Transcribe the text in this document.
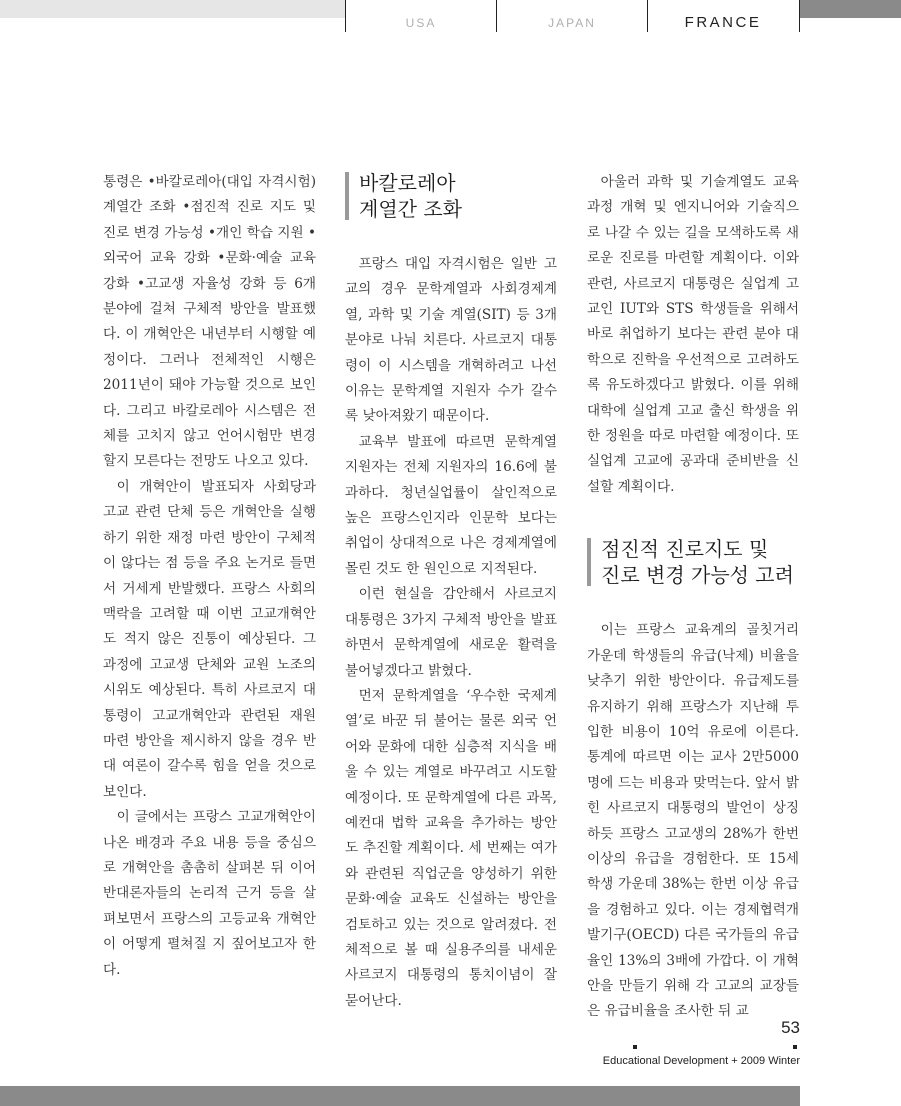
USA	JAPAN	FRANCE

통령은 •바칼로레아(대입 자격시험) 계열간 조화 •점진적 진로 지도 및 진로 변경 가능성 •개인 학습 지원 •외국어 교육 강화 •문화·예술 교육 강화 •고교생 자율성 강화 등 6개 분야에 걸쳐 구체적 방안을 발표했다. 이 개혁안은 내년부터 시행할 예정이다. 그러나 전체적인 시행은 2011년이 돼야 가능할 것으로 보인다. 그리고 바칼로레아 시스템은 전체를 고치지 않고 언어시험만 변경할지 모른다는 전망도 나오고 있다.

이 개혁안이 발표되자 사회당과 고교 관련 단체 등은 개혁안을 실행하기 위한 재정 마련 방안이 구체적이 않다는 점 등을 주요 논거로 들면서 거세게 반발했다. 프랑스 사회의 맥락을 고려할 때 이번 고교개혁안도 적지 않은 진통이 예상된다. 그 과정에 고교생 단체와 교원 노조의 시위도 예상된다. 특히 사르코지 대통령이 고교개혁안과 관련된 재원 마련 방안을 제시하지 않을 경우 반대 여론이 갈수록 힘을 얻을 것으로 보인다.

이 글에서는 프랑스 고교개혁안이 나온 배경과 주요 내용 등을 중심으로 개혁안을 촘촘히 살펴본 뒤 이어 반대론자들의 논리적 근거 등을 살펴보면서 프랑스의 고등교육 개혁안이 어떻게 펼쳐질 지 짚어보고자 한다.

바칼로레아
계열간 조화

프랑스 대입 자격시험은 일반 고교의 경우 문학계열과 사회경제계열, 과학 및 기술 계열(SIT) 등 3개 분야로 나눠 치른다. 사르코지 대통령이 이 시스템을 개혁하려고 나선 이유는 문학계열 지원자 수가 갈수록 낮아져왔기 때문이다.

교육부 발표에 따르면 문학계열 지원자는 전체 지원자의 16.6에 불과하다. 청년실업률이 살인적으로 높은 프랑스인지라 인문학 보다는 취업이 상대적으로 나은 경제계열에 몰린 것도 한 원인으로 지적된다.

이런 현실을 감안해서 사르코지 대통령은 3가지 구체적 방안을 발표하면서 문학계열에 새로운 활력을 불어넣겠다고 밝혔다.

먼저 문학계열을 ‘우수한 국제계열’로 바꾼 뒤 불어는 물론 외국 언어와 문화에 대한 심층적 지식을 배울 수 있는 계열로 바꾸려고 시도할 예정이다. 또 문학계열에 다른 과목, 예컨대 법학 교육을 추가하는 방안도 추진할 계획이다. 세 번째는 여가와 관련된 직업군을 양성하기 위한 문화·예술 교육도 신설하는 방안을 검토하고 있는 것으로 알려졌다. 전체적으로 볼 때 실용주의를 내세운 사르코지 대통령의 통치이념이 잘 묻어난다.

아울러 과학 및 기술계열도 교육과정 개혁 및 엔지니어와 기술직으로 나갈 수 있는 길을 모색하도록 새로운 진로를 마련할 계획이다. 이와 관련, 사르코지 대통령은 실업계 고교인 IUT와 STS 학생들을 위해서 바로 취업하기 보다는 관련 분야 대학으로 진학을 우선적으로 고려하도록 유도하겠다고 밝혔다. 이를 위해 대학에 실업계 고교 출신 학생을 위한 정원을 따로 마련할 예정이다. 또 실업계 고교에 공과대 준비반을 신설할 계획이다.

점진적 진로지도 및
진로 변경 가능성 고려

이는 프랑스 교육계의 골칫거리 가운데 학생들의 유급(낙제) 비율을 낮추기 위한 방안이다. 유급제도를 유지하기 위해 프랑스가 지난해 투입한 비용이 10억 유로에 이른다. 통계에 따르면 이는 교사 2만5000명에 드는 비용과 맞먹는다. 앞서 밝힌 사르코지 대통령의 발언이 상징하듯 프랑스 고교생의 28%가 한번 이상의 유급을 경험한다. 또 15세 학생 가운데 38%는 한번 이상 유급을 경험하고 있다. 이는 경제협력개발기구(OECD) 다른 국가들의 유급율인 13%의 3배에 가깝다. 이 개혁안을 만들기 위해 각 고교의 교장들은 유급비율을 조사한 뒤 교

53
Educational Development + 2009 Winter
